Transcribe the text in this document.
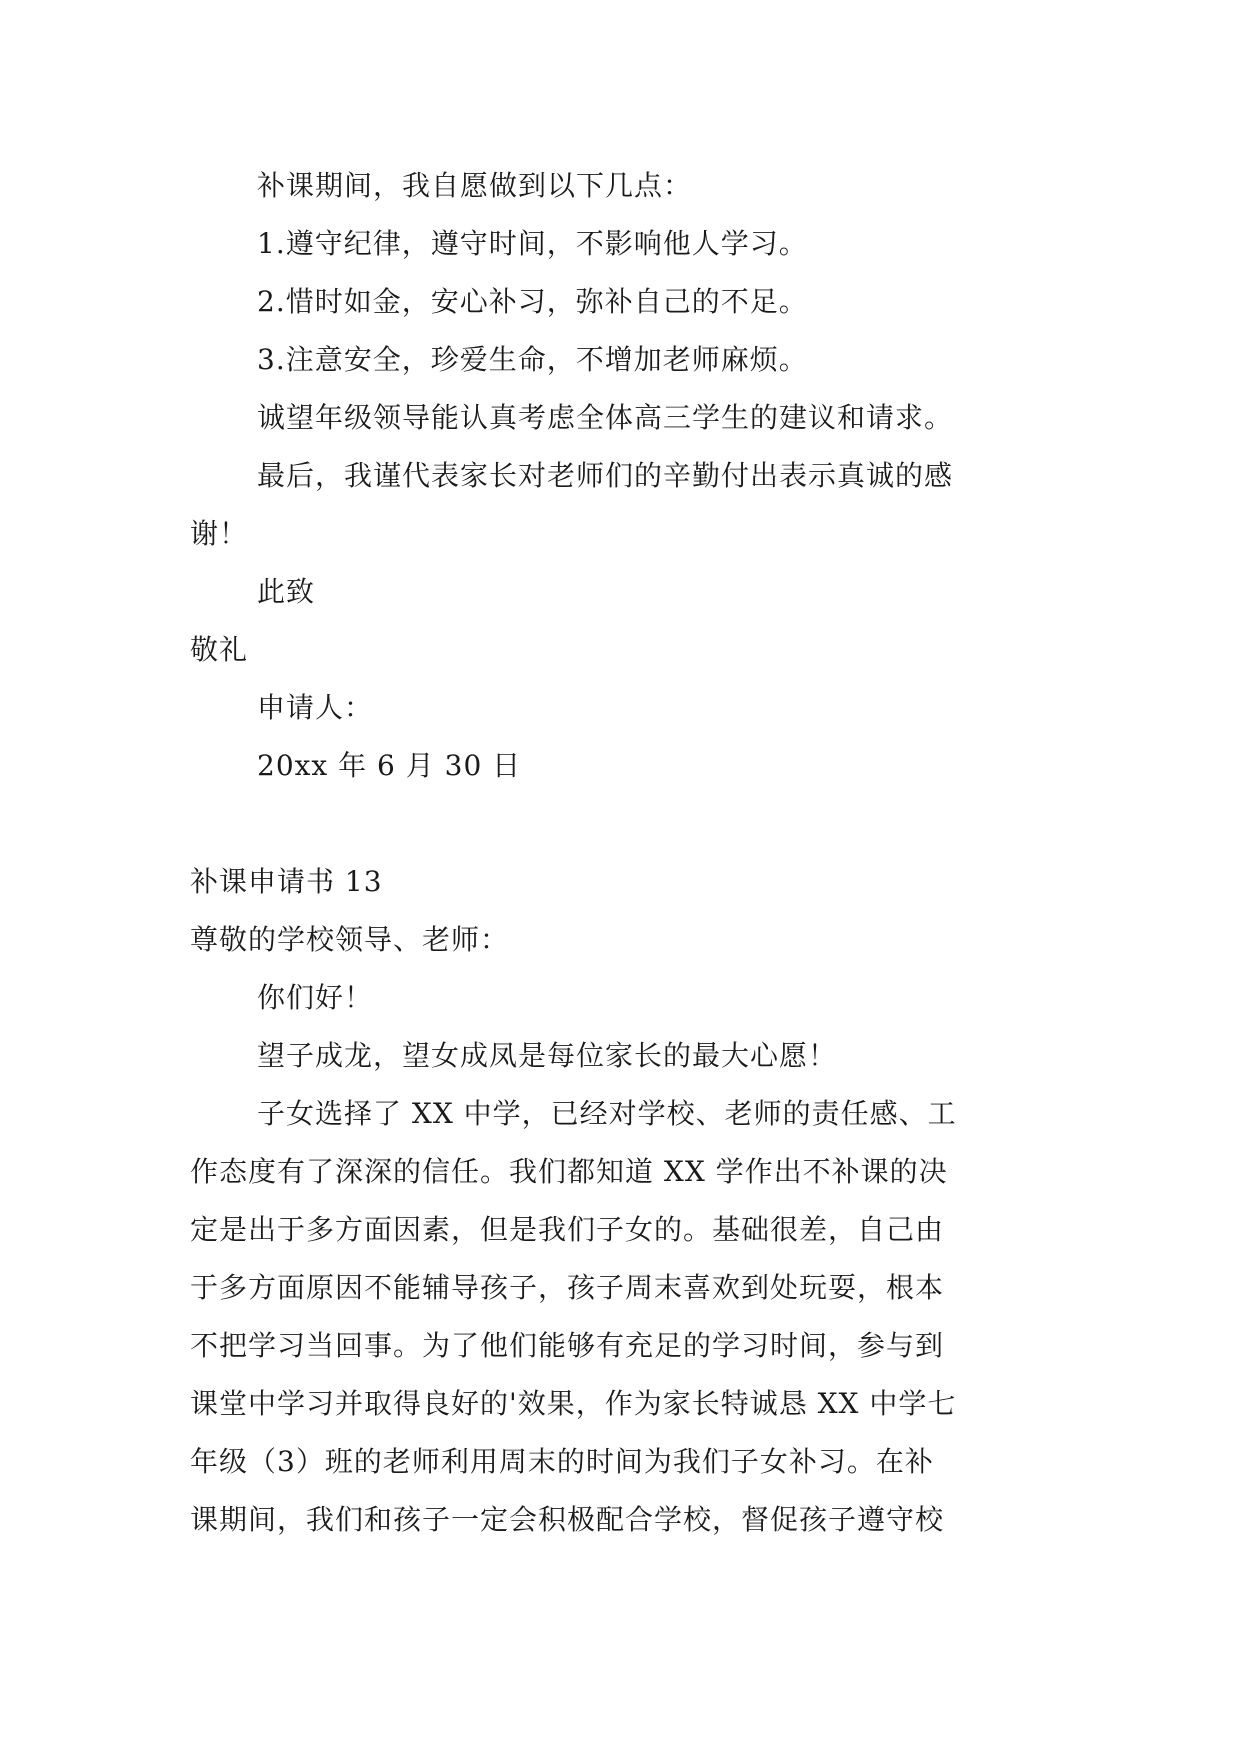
补课期间，我自愿做到以下几点：
1.遵守纪律，遵守时间，不影响他人学习。
2.惜时如金，安心补习，弥补自己的不足。
3.注意安全，珍爱生命，不增加老师麻烦。
诚望年级领导能认真考虑全体高三学生的建议和请求。
最后，我谨代表家长对老师们的辛勤付出表示真诚的感
谢！
此致
敬礼
申请人：
20xx 年 6 月 30 日
补课申请书 13
尊敬的学校领导、老师：
你们好！
望子成龙，望女成凤是每位家长的最大心愿！
子女选择了 XX 中学，已经对学校、老师的责任感、工
作态度有了深深的信任。我们都知道 XX 学作出不补课的决
定是出于多方面因素，但是我们子女的。基础很差，自己由
于多方面原因不能辅导孩子，孩子周末喜欢到处玩耍，根本
不把学习当回事。为了他们能够有充足的学习时间，参与到
课堂中学习并取得良好的'效果，作为家长特诚恳 XX 中学七
年级（3）班的老师利用周末的时间为我们子女补习。在补
课期间，我们和孩子一定会积极配合学校，督促孩子遵守校
